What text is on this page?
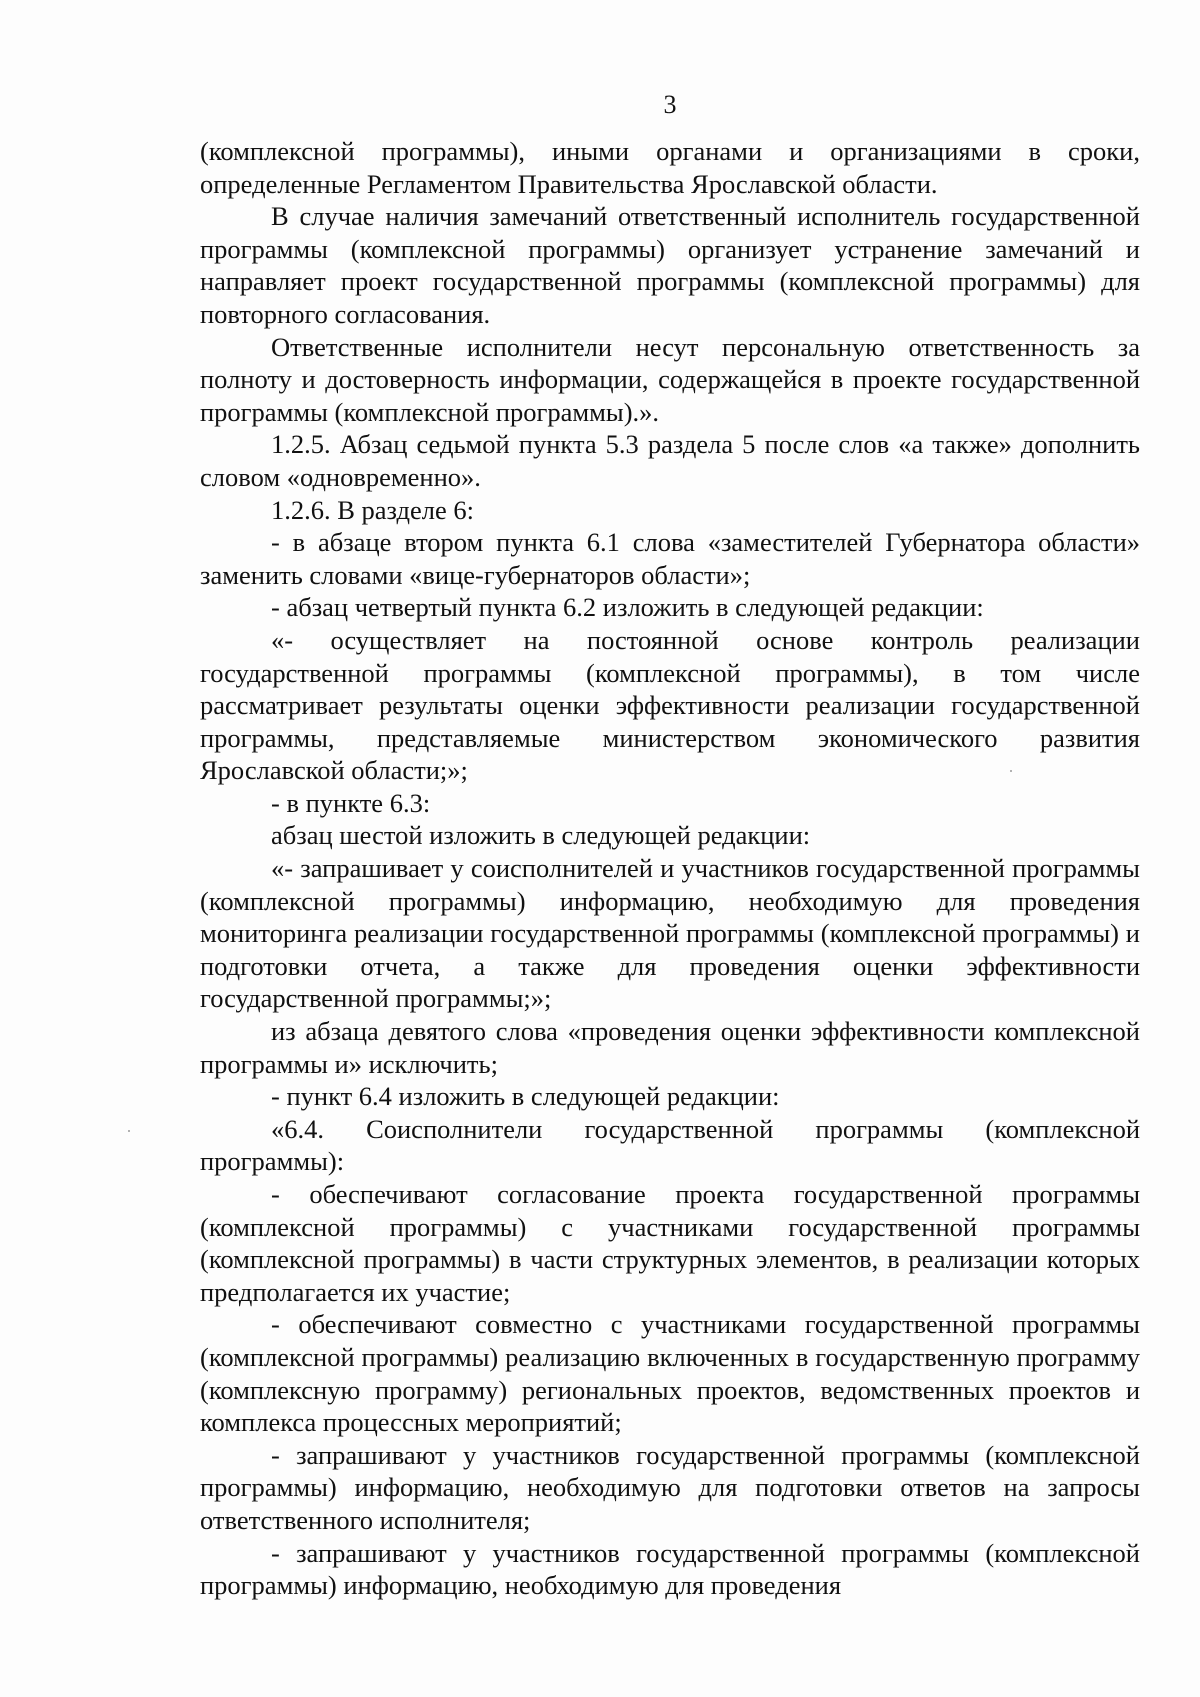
3

(комплексной программы), иными органами и организациями в сроки, определенные Регламентом Правительства Ярославской области.

В случае наличия замечаний ответственный исполнитель государственной программы (комплексной программы) организует устранение замечаний и направляет проект государственной программы (комплексной программы) для повторного согласования.

Ответственные исполнители несут персональную ответственность за полноту и достоверность информации, содержащейся в проекте государственной программы (комплексной программы).».

1.2.5. Абзац седьмой пункта 5.3 раздела 5 после слов «а также» дополнить словом «одновременно».

1.2.6. В разделе 6:

- в абзаце втором пункта 6.1 слова «заместителей Губернатора области» заменить словами «вице-губернаторов области»;

- абзац четвертый пункта 6.2 изложить в следующей редакции:

«- осуществляет на постоянной основе контроль реализации государственной программы (комплексной программы), в том числе рассматривает результаты оценки эффективности реализации государственной программы, представляемые министерством экономического развития Ярославской области;»;

- в пункте 6.3:

абзац шестой изложить в следующей редакции:

«- запрашивает у соисполнителей и участников государственной программы (комплексной программы) информацию, необходимую для проведения мониторинга реализации государственной программы (комплексной программы) и подготовки отчета, а также для проведения оценки эффективности государственной программы;»;

из абзаца девятого слова «проведения оценки эффективности комплексной программы и» исключить;

- пункт 6.4 изложить в следующей редакции:

«6.4. Соисполнители государственной программы (комплексной программы):

- обеспечивают согласование проекта государственной программы (комплексной программы) с участниками государственной программы (комплексной программы) в части структурных элементов, в реализации которых предполагается их участие;

- обеспечивают совместно с участниками государственной программы (комплексной программы) реализацию включенных в государственную программу (комплексную программу) региональных проектов, ведомственных проектов и комплекса процессных мероприятий;

- запрашивают у участников государственной программы (комплексной программы) информацию, необходимую для подготовки ответов на запросы ответственного исполнителя;

- запрашивают у участников государственной программы (комплексной программы) информацию, необходимую для проведения
